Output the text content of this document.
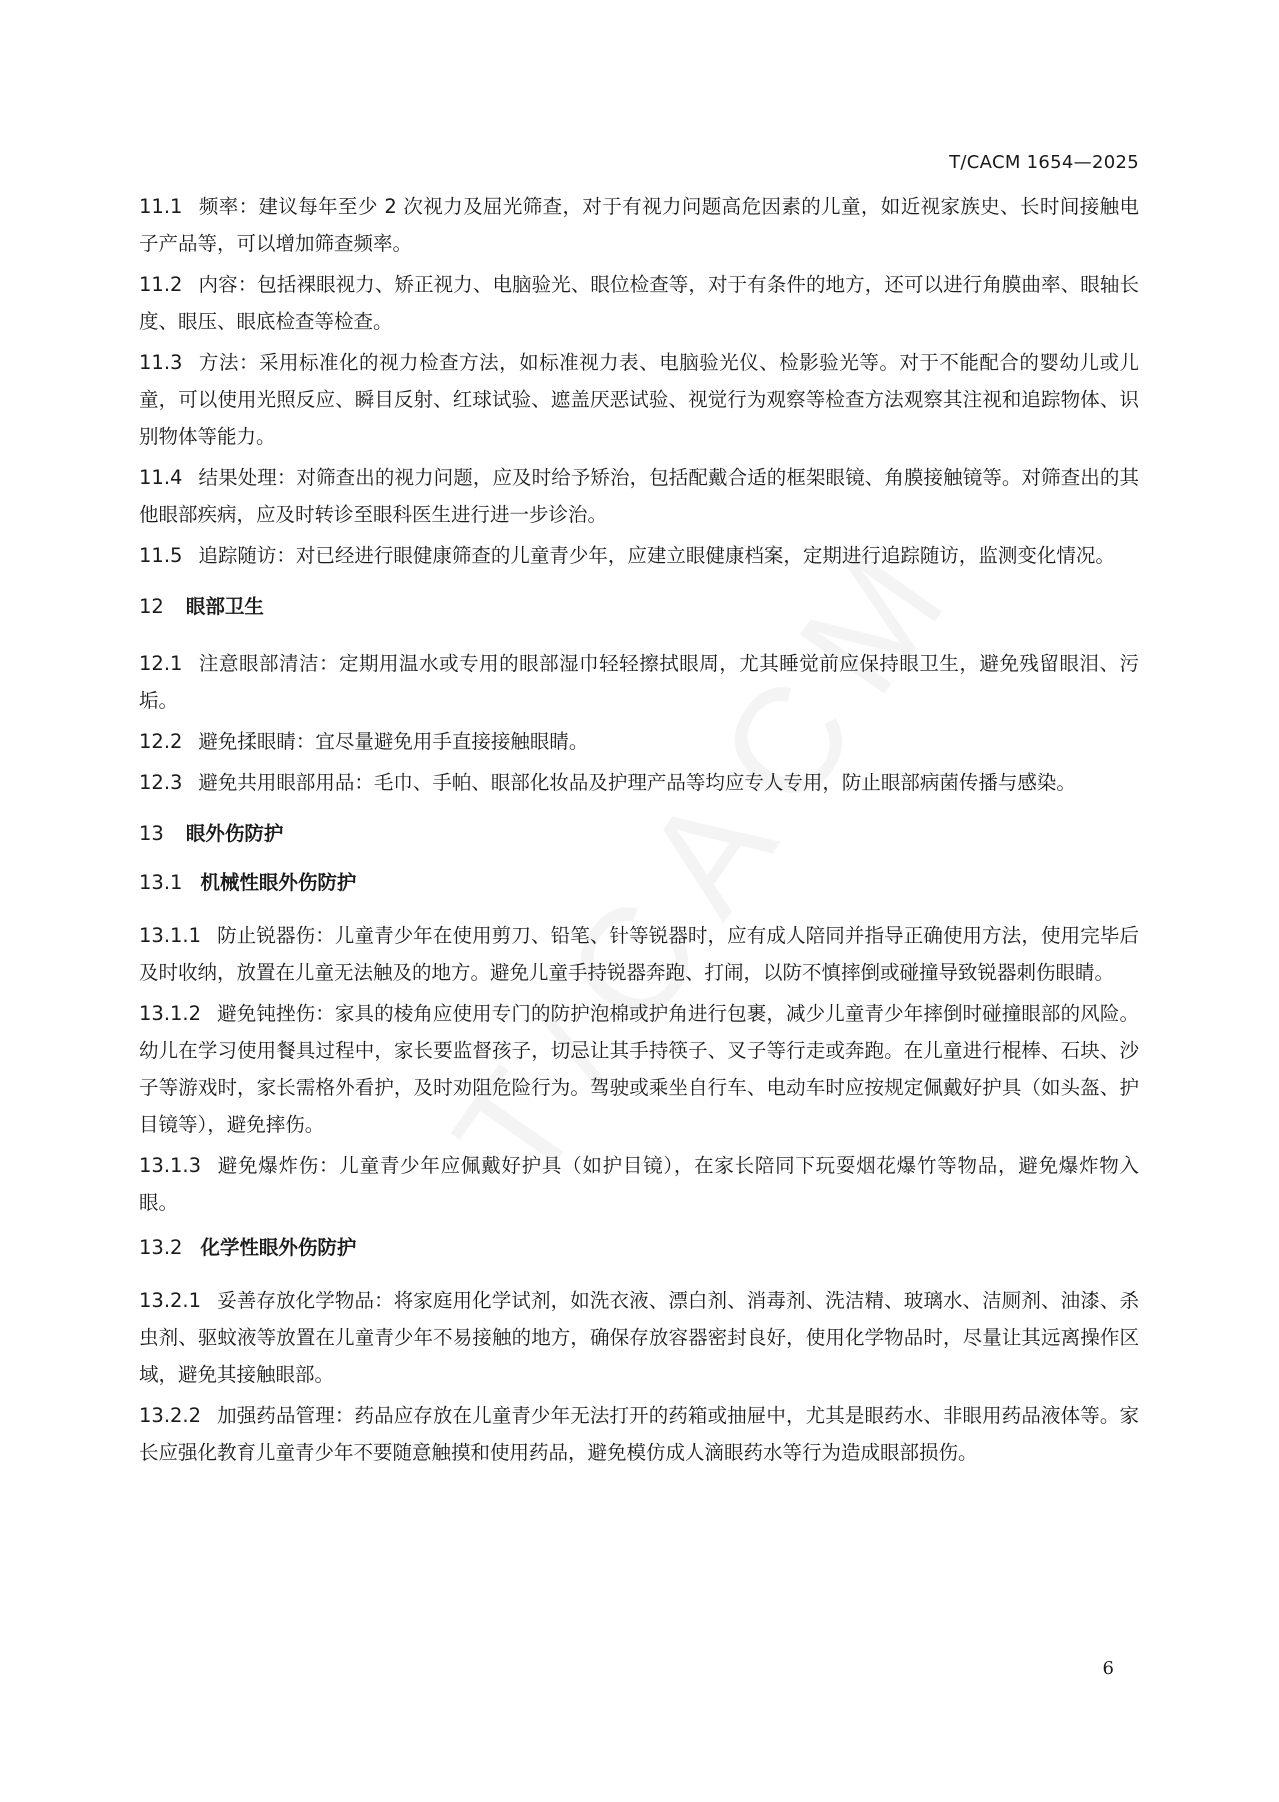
T/CACM 1654—2025

11.1 频率：建议每年至少 2 次视力及屈光筛查，对于有视力问题高危因素的儿童，如近视家族史、长时间接触电子产品等，可以增加筛查频率。

11.2 内容：包括裸眼视力、矫正视力、电脑验光、眼位检查等，对于有条件的地方，还可以进行角膜曲率、眼轴长度、眼压、眼底检查等检查。

11.3 方法：采用标准化的视力检查方法，如标准视力表、电脑验光仪、检影验光等。对于不能配合的婴幼儿或儿童，可以使用光照反应、瞬目反射、红球试验、遮盖厌恶试验、视觉行为观察等检查方法观察其注视和追踪物体、识别物体等能力。

11.4 结果处理：对筛查出的视力问题，应及时给予矫治，包括配戴合适的框架眼镜、角膜接触镜等。对筛查出的其他眼部疾病，应及时转诊至眼科医生进行进一步诊治。

11.5 追踪随访：对已经进行眼健康筛查的儿童青少年，应建立眼健康档案，定期进行追踪随访，监测变化情况。

12 眼部卫生

12.1 注意眼部清洁：定期用温水或专用的眼部湿巾轻轻擦拭眼周，尤其睡觉前应保持眼卫生，避免残留眼泪、污垢。

12.2 避免揉眼睛：宜尽量避免用手直接接触眼睛。

12.3 避免共用眼部用品：毛巾、手帕、眼部化妆品及护理产品等均应专人专用，防止眼部病菌传播与感染。

13 眼外伤防护
13.1 机械性眼外伤防护

13.1.1 防止锐器伤：儿童青少年在使用剪刀、铅笔、针等锐器时，应有成人陪同并指导正确使用方法，使用完毕后及时收纳，放置在儿童无法触及的地方。避免儿童手持锐器奔跑、打闹，以防不慎摔倒或碰撞导致锐器刺伤眼睛。

13.1.2 避免钝挫伤：家具的棱角应使用专门的防护泡棉或护角进行包裹，减少儿童青少年摔倒时碰撞眼部的风险。幼儿在学习使用餐具过程中，家长要监督孩子，切忌让其手持筷子、叉子等行走或奔跑。在儿童进行棍棒、石块、沙子等游戏时，家长需格外看护，及时劝阻危险行为。驾驶或乘坐自行车、电动车时应按规定佩戴好护具（如头盔、护目镜等），避免摔伤。

13.1.3 避免爆炸伤：儿童青少年应佩戴好护具（如护目镜），在家长陪同下玩耍烟花爆竹等物品，避免爆炸物入眼。

13.2 化学性眼外伤防护

13.2.1 妥善存放化学物品：将家庭用化学试剂，如洗衣液、漂白剂、消毒剂、洗洁精、玻璃水、洁厕剂、油漆、杀虫剂、驱蚊液等放置在儿童青少年不易接触的地方，确保存放容器密封良好，使用化学物品时，尽量让其远离操作区域，避免其接触眼部。

13.2.2 加强药品管理：药品应存放在儿童青少年无法打开的药箱或抽屉中，尤其是眼药水、非眼用药品液体等。家长应强化教育儿童青少年不要随意触摸和使用药品，避免模仿成人滴眼药水等行为造成眼部损伤。

6
